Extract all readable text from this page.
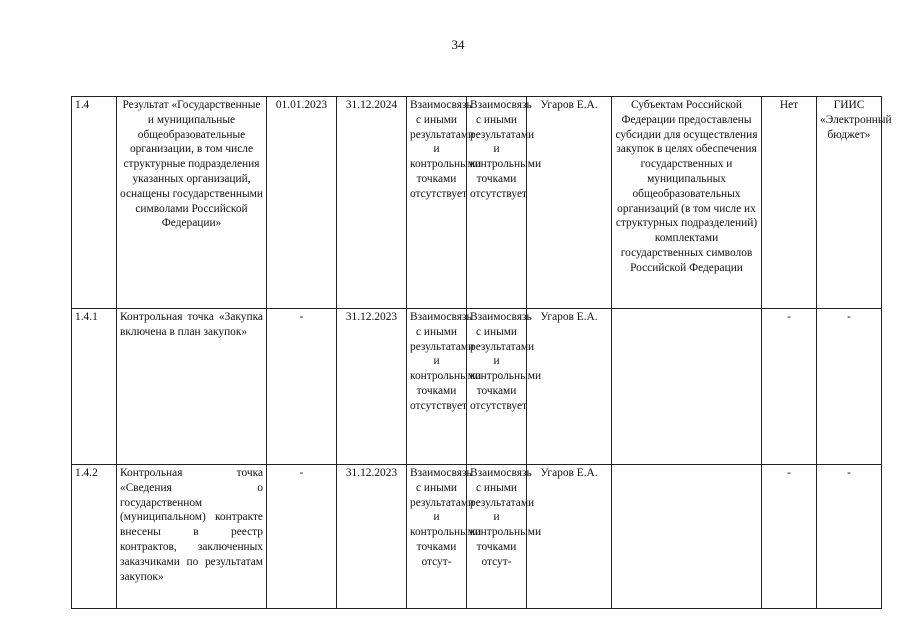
34
1.4	Результат «Государственные и муниципальные общеобразовательные организации, в том числе структурные подразделения указанных организаций, оснащены государственными символами Российской Федерации»	01.01.2023	31.12.2024	Взаимосвязь с иными результатами и контрольными точками отсутствует	Взаимосвязь с иными результатами и контрольными точками отсутствует	Угаров Е.А.	Субъектам Российской Федерации предоставлены субсидии для осуществления закупок в целях обеспечения государственных и муниципальных общеобразовательных организаций (в том числе их структурных подразделений) комплектами государственных символов Российской Федерации	Нет	ГИИС «Электронный бюджет»
1.4.1	Контрольная точка «Закупка включена в план закупок»	-	31.12.2023	Взаимосвязь с иными результатами и контрольными точками отсутствует	Взаимосвязь с иными результатами и контрольными точками отсутствует	Угаров Е.А.		-	-
1.4.2	Контрольная точка «Сведения о государственном (муниципальном) контракте внесены в реестр контрактов, заключенных заказчиками по результатам закупок»	-	31.12.2023	Взаимосвязь с иными результатами и контрольными точками отсут-	Взаимосвязь с иными результатами и контрольными точками отсут-	Угаров Е.А.		-	-
